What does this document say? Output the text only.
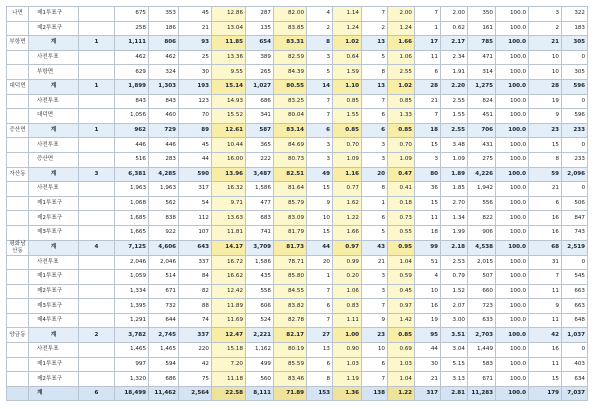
나면	제1투표구		675	353	45	12.86	287	82.00	4	1.14	7	2.00	7	2.00	350	100.0	3	322
	제2투표구		258	186	21	13.04	135	83.85	2	1.24	2	1.24	1	0.62	161	100.0	2	183
부항면	계	1	1,111	806	93	11.85	654	83.31	8	1.02	13	1.66	17	2.17	785	100.0	21	305
	사전투표		462	462	25	13.36	389	82.59	3	0.64	5	1.06	11	2.34	471	100.0	10	0
	부항면		629	324	30	9.55	265	84.39	5	1.59	8	2.55	6	1.91	314	100.0	10	305
대덕면	계	1	1,899	1,303	193	15.14	1,027	80.55	14	1.10	13	1.02	28	2.20	1,275	100.0	28	596
	사전투표		843	843	123	14.93	686	83.25	7	0.85	7	0.85	21	2.55	824	100.0	19	0
	대덕면		1,056	460	70	15.52	341	80.04	7	1.55	6	1.33	7	1.55	451	100.0	9	596
증산면	계	1	962	729	89	12.61	587	83.14	6	0.85	6	0.85	18	2.55	706	100.0	23	233
	사전투표		446	446	45	10.44	365	84.69	3	0.70	3	0.70	15	3.48	431	100.0	15	0
	증산면		516	283	44	16.00	222	80.73	3	1.09	3	1.09	3	1.09	275	100.0	8	233
자산동	계	3	6,381	4,285	590	13.96	3,487	82.51	49	1.16	20	0.47	80	1.89	4,226	100.0	59	2,096
	사전투표		1,963	1,963	317	16.32	1,586	81.64	15	0.77	8	0.41	36	1.85	1,942	100.0	21	0
	제1투표구		1,068	562	54	9.71	477	85.79	9	1.62	1	0.18	15	2.70	556	100.0	6	506
	제2투표구		1,685	838	112	13.63	683	83.09	10	1.22	6	0.73	11	1.34	822	100.0	16	847
	제3투표구		1,665	922	107	11.81	741	81.79	15	1.66	5	0.55	18	1.99	906	100.0	16	743
평화남산동	계	4	7,125	4,606	643	14.17	3,709	81.73	44	0.97	43	0.95	99	2.18	4,538	100.0	68	2,519
	사전투표		2,046	2,046	337	16.72	1,586	78.71	20	0.99	21	1.04	51	2.53	2,015	100.0	31	0
	제1투표구		1,059	514	84	16.62	435	85.80	1	0.20	3	0.59	4	0.79	507	100.0	7	545
	제2투표구		1,334	671	82	12.42	558	84.55	7	1.06	3	0.45	10	1.52	660	100.0	11	663
	제3투표구		1,395	732	88	11.89	606	83.82	6	0.83	7	0.97	16	2.07	723	100.0	9	663
	제4투표구		1,291	644	74	11.69	524	82.78	7	1.11	9	1.42	19	3.00	633	100.0	11	648
양금동	계	2	3,782	2,745	337	12.47	2,221	82.17	27	1.00	23	0.85	95	3.51	2,703	100.0	42	1,037
	사전투표		1,465	1,465	220	15.18	1,162	80.19	13	0.90	10	0.69	44	3.04	1,449	100.0	16	0
	제1투표구		997	594	42	7.20	499	85.59	6	1.03	6	1.03	30	5.15	583	100.0	11	403
	제2투표구		1,320	686	75	11.18	560	83.46	8	1.19	7	1.04	21	3.13	671	100.0	15	634
	계	6	18,499	11,462	2,564	22.58	8,111	71.89	153	1.36	138	1.22	317	2.81	11,283	100.0	179	7,037
